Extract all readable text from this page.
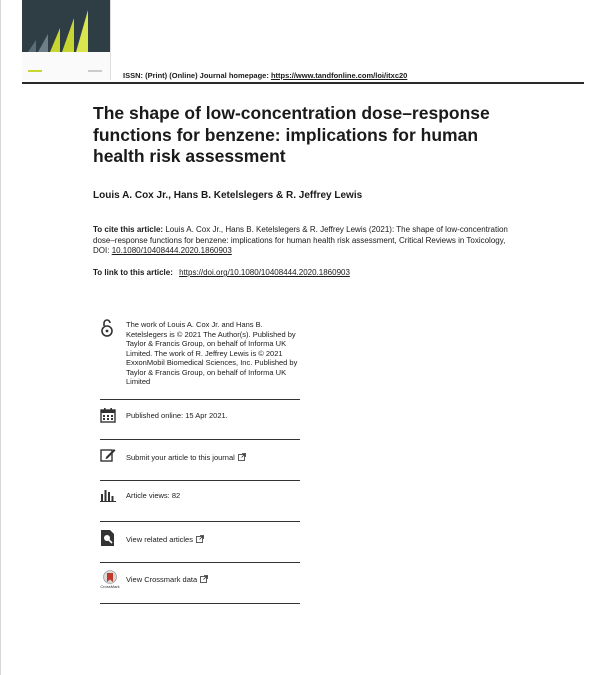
ISSN: (Print) (Online) Journal homepage: https://www.tandfonline.com/loi/itxc20
The shape of low-concentration dose–response functions for benzene: implications for human health risk assessment
Louis A. Cox Jr., Hans B. Ketelslegers & R. Jeffrey Lewis
To cite this article: Louis A. Cox Jr., Hans B. Ketelslegers & R. Jeffrey Lewis (2021): The shape of low-concentration dose–response functions for benzene: implications for human health risk assessment, Critical Reviews in Toxicology, DOI: 10.1080/10408444.2020.1860903
To link to this article: https://doi.org/10.1080/10408444.2020.1860903
The work of Louis A. Cox Jr. and Hans B. Ketelslegers is © 2021 The Author(s). Published by Taylor & Francis Group, on behalf of Informa UK Limited. The work of R. Jeffrey Lewis is © 2021 ExxonMobil Biomedical Sciences, Inc. Published by Taylor & Francis Group, on behalf of Informa UK Limited
Published online: 15 Apr 2021.
Submit your article to this journal
Article views: 82
View related articles
CrossMark
View Crossmark data
